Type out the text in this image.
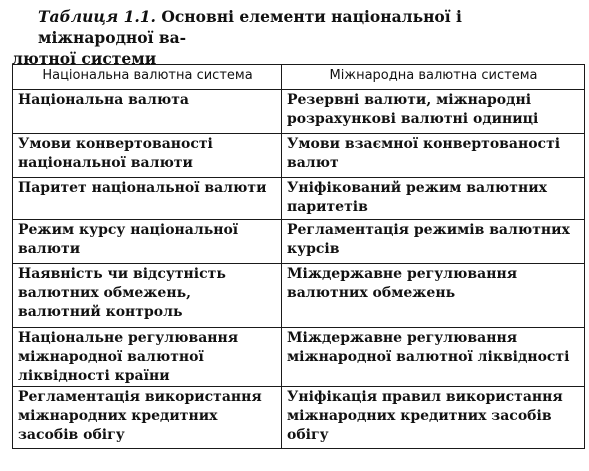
Таблиця 1.1. Основні елементи національної і міжнародної ва-
лютної системи
Національна валютна система	Міжнародна валютна система
Національна валюта	Резервні валюти, міжнародні розрахункові валютні одиниці
Умови конвертованості національної валюти	Умови взаємної конвертованості валют
Паритет національної валюти	Уніфікований режим валютних паритетів
Режим курсу національної валюти	Регламентація режимів валютних курсів
Наявність чи відсутність валютних обмежень, валютний контроль	Міждержавне регулювання валютних обмежень
Національне регулювання міжнародної валютної ліквідності країни	Міждержавне регулювання міжнародної валютної ліквідності
Регламентація використання міжнародних кредитних засобів обігу	Уніфікація правил використання міжнародних кредитних засобів обігу
